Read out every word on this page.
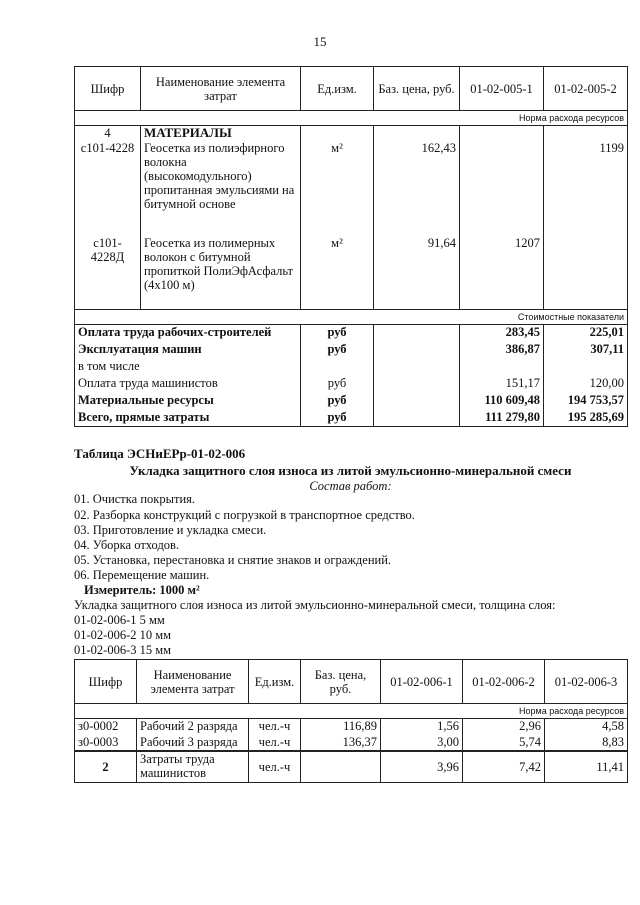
15
Шифр	Наименование элемента затрат	Ед.изм.	Баз. цена, руб.	01-02-005-1	01-02-005-2
Норма расхода ресурсов					
4	МАТЕРИАЛЫ				
с101-4228	Геосетка из полиэфирного волокна (высокомодульного) пропитанная эмульсиями на битумной основе	м²	162,43		1199
с101-4228Д	Геосетка из полимерных волокон с битумной пропиткой ПолиЭфАсфальт (4х100 м)	м²	91,64	1207	
Стоимостные показатели					
Оплата труда рабочих-строителей		руб		283,45	225,01
Эксплуатация машин		руб		386,87	307,11
в том числе					
Оплата труда машинистов		руб		151,17	120,00
Материальные ресурсы		руб		110 609,48	194 753,57
Всего, прямые затраты		руб		111 279,80	195 285,69
Таблица ЭСНиЕРр-01-02-006
Укладка защитного слоя износа из литой эмульсионно-минеральной смеси
Состав работ:
01. Очистка покрытия.
02. Разборка конструкций с погрузкой в транспортное средство.
03. Приготовление и укладка смеси.
04. Уборка отходов.
05. Установка, перестановка и снятие знаков и ограждений.
06. Перемещение машин.
Измеритель: 1000 м²
Укладка защитного слоя износа из литой эмульсионно-минеральной смеси, толщина слоя:
01-02-006-1 5 мм
01-02-006-2 10 мм
01-02-006-3 15 мм
Шифр	Наименование элемента затрат	Ед.изм.	Баз. цена, руб.	01-02-006-1	01-02-006-2	01-02-006-3
Норма расхода ресурсов						
з0-0002	Рабочий 2 разряда	чел.-ч	116,89	1,56	2,96	4,58
з0-0003	Рабочий 3 разряда	чел.-ч	136,37	3,00	5,74	8,83
2	Затраты труда машинистов	чел.-ч		3,96	7,42	11,41
